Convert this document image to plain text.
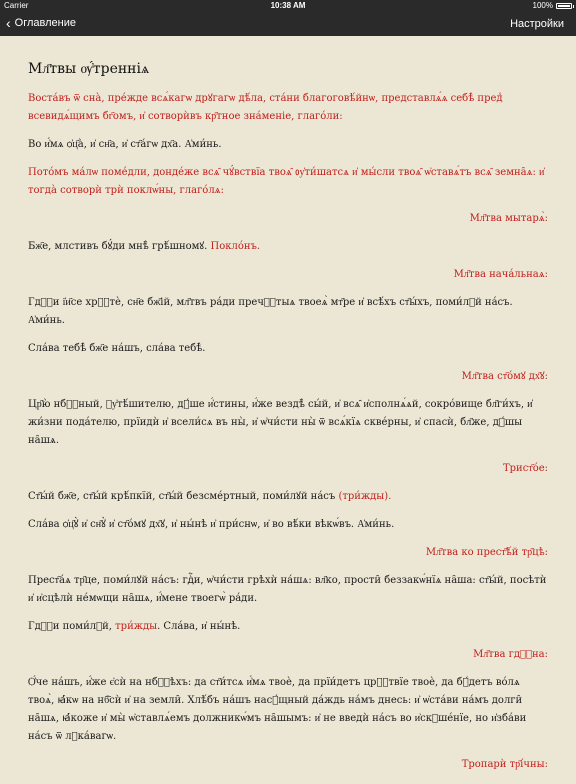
Carrier	10:38 AM	100%
‹ Оглавление	Настройки
Мл҃твы ѹ҆́тренніѧ

Востáвъ ѿ снà, прéжде всѧ́кагѡ дрꙋгагѡ дѣ́ла, стáни благоговѣ́йнѡ, представлѧ́ѧ себѣ̀ пред̾ всевидѧ́щимъ бг҃омъ, и҆ сотворѝвъ кр҃тное зна́меніе, глаго́ли:

Во и҆́мѧ ѻ҆ц҃а̀, и҆ сн҃а, и҆ ст҃а́гѡ дх҃а. А҆ми́нь.

Потóмъ мáлѡ помéдли, донде́же всѧ̑ чꙋ́вствїа твоѧ̑ ᲂу҆ти́шатсѧ и҆ мы́сли твоѧ̑ ѡ҆ставѧ́тъ всѧ̑ земна̑ѧ: и҆ тогда̀ сотворѝ трѝ поклѡ́ны, глаго́лѧ:

Мл҃тва мытарѧ̀:

Бж҃е, млcтивъ бꙋ́ди мнѣ̀ грѣ́шномꙋ. Покло́нъ.

Мл҃тва нача́льнаѧ:

Гдⷭ҇и і҆и҃се хрⷭ҇тѐ, сн҃е бж҃ій, мл҃твъ ра́ди пречⷭ҇тыѧ твоеѧ̀ мт҃ре и҆ всѣ́хъ ст҃ы́хъ, поми́лꙋй на́съ. А҆ми́нь.

Сла́ва тебѣ̀ бж҃е на́шъ, сла́ва тебѣ̀.

Мл҃тва ст҃о́мꙋ дх҃ꙋ:

Цр҃ю̀ нбⷭ҇ный, ᲂу҆тѣ́шителю, дꙋ́ше и҆́стины, и҆́же вездѣ̀ сы́й, и҆ всѧ̑ и҆сполнѧ́ѧй, сокро́вище бл҃ги́хъ, и҆ жи́зни пода́телю, прїидѝ и҆ всели́сѧ въ ны̀, и҆ ѡ҆чи́сти ны̀ ѿ всѧ́кїѧ скве́рны, и҆ спасѝ, бл҃же, дꙋ́шы на̑шѧ.

Трист҃о́е:

Ст҃ы́й бж҃е, ст҃ы́й крѣ́пкїй, ст҃ы́й безсме́ртный, поми́лꙋй на́съ (три́жды).

Сла́ва ѻ҆ц҃ꙋ̀ и҆ сн҃ꙋ̀ и҆ ст҃о́мꙋ дх҃ꙋ, и҆ ны́нѣ и҆ при́снѡ, и҆ во вѣ́ки вѣкѡ́въ. А҆ми́нь.

Мл҃тва ко прест҃ѣ́й тр҃цѣ:

Прест҃а́ѧ тр҃це, поми́лꙋй на́съ: гдⷭ҇и, ѡ҆чи́сти грѣхѝ на́шѧ: вл҃ко, прости̑ беззакѡ́нїѧ на̑ша: ст҃ы́й, посѣтѝ и҆ и҆сцѣлѝ не́мѡщи на̑шѧ, и҆́мене твоегѡ̀ ра́ди.

Гдⷭ҇и поми́лꙋй, три́жды. Сла́ва, и҆ ны́нѣ.

Мл҃тва гдⷭ҇на:

Ѻ҆́че на́шъ, и҆́же є҆сѝ на нбⷭ҇ѣхъ: да ст҃и́тсѧ и҆́мѧ твоѐ, да прїи́детъ црⷭ҇твїе твоѐ, да бꙋ́детъ во́лѧ твоѧ̀, ꙗ҆́кѡ на нб҃сѝ и҆ на земли̑. Хлѣ́бъ на́шъ насꙋ́щный да́ждь на́мъ днесь: и҆ ѡ҆ста́ви на́мъ долги̑ на̑шѧ, ꙗ҆́коже и҆ мы̀ ѡ҆ставлѧ́емъ должникѡ́мъ на̑шымъ: и҆ не введѝ на́съ во и҆скꙋше́нїе, но и҆зба́ви на́съ ѿ лꙋка́вагѡ.

Тропарѝ тр҃ı́чны:
